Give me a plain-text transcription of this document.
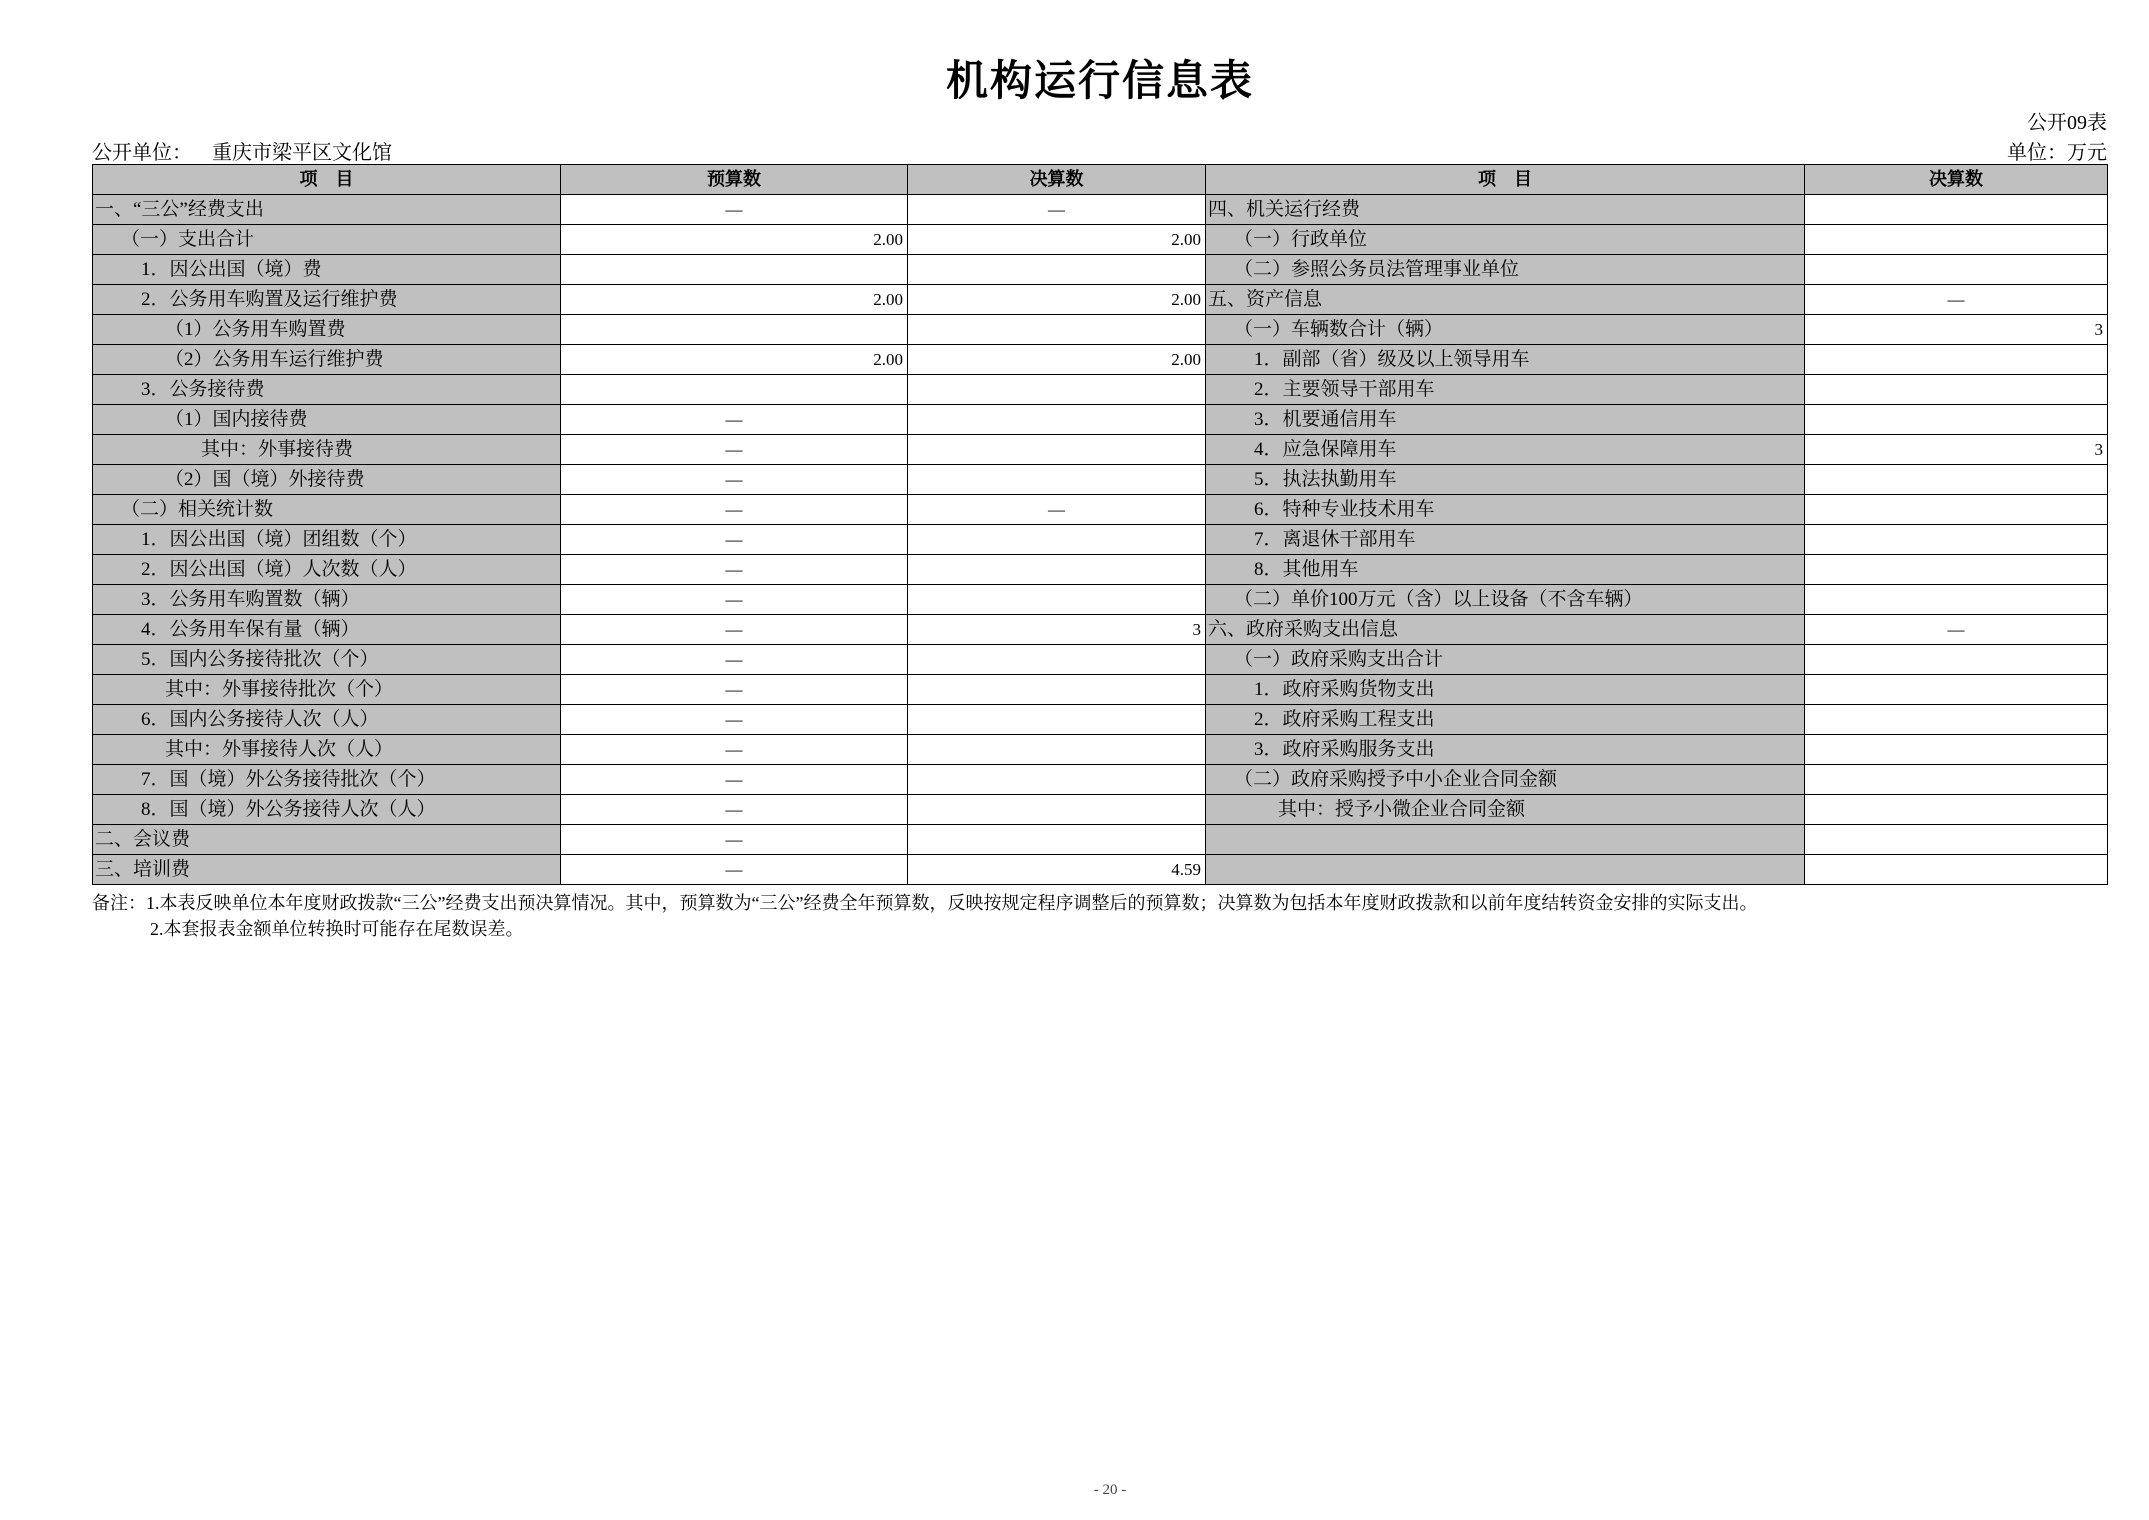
机构运行信息表
公开09表
公开单位： 重庆市梁平区文化馆	单位：万元
项　目	预算数	决算数	项　目	决算数
一、“三公”经费支出	—	—	四、机关运行经费	
（一）支出合计	2.00	2.00	（一）行政单位	
1．因公出国（境）费			（二）参照公务员法管理事业单位	
2．公务用车购置及运行维护费	2.00	2.00	五、资产信息	—
（1）公务用车购置费			（一）车辆数合计（辆）	3
（2）公务用车运行维护费	2.00	2.00	1．副部（省）级及以上领导用车	
3．公务接待费			2．主要领导干部用车	
（1）国内接待费	—		3．机要通信用车	
其中：外事接待费	—		4．应急保障用车	3
（2）国（境）外接待费	—		5．执法执勤用车	
（二）相关统计数	—	—	6．特种专业技术用车	
1．因公出国（境）团组数（个）	—		7．离退休干部用车	
2．因公出国（境）人次数（人）	—		8．其他用车	
3．公务用车购置数（辆）	—		（二）单价100万元（含）以上设备（不含车辆）	
4．公务用车保有量（辆）	—	3	六、政府采购支出信息	—
5．国内公务接待批次（个）	—		（一）政府采购支出合计	
其中：外事接待批次（个）	—		1．政府采购货物支出	
6．国内公务接待人次（人）	—		2．政府采购工程支出	
其中：外事接待人次（人）	—		3．政府采购服务支出	
7．国（境）外公务接待批次（个）	—		（二）政府采购授予中小企业合同金额	
8．国（境）外公务接待人次（人）	—		其中：授予小微企业合同金额	
二、会议费	—			
三、培训费	—	4.59		
备注：1.本表反映单位本年度财政拨款“三公”经费支出预决算情况。其中，预算数为“三公”经费全年预算数，反映按规定程序调整后的预算数；决算数为包括本年度财政拨款和以前年度结转资金安排的实际支出。
2.本套报表金额单位转换时可能存在尾数误差。
- 20 -
